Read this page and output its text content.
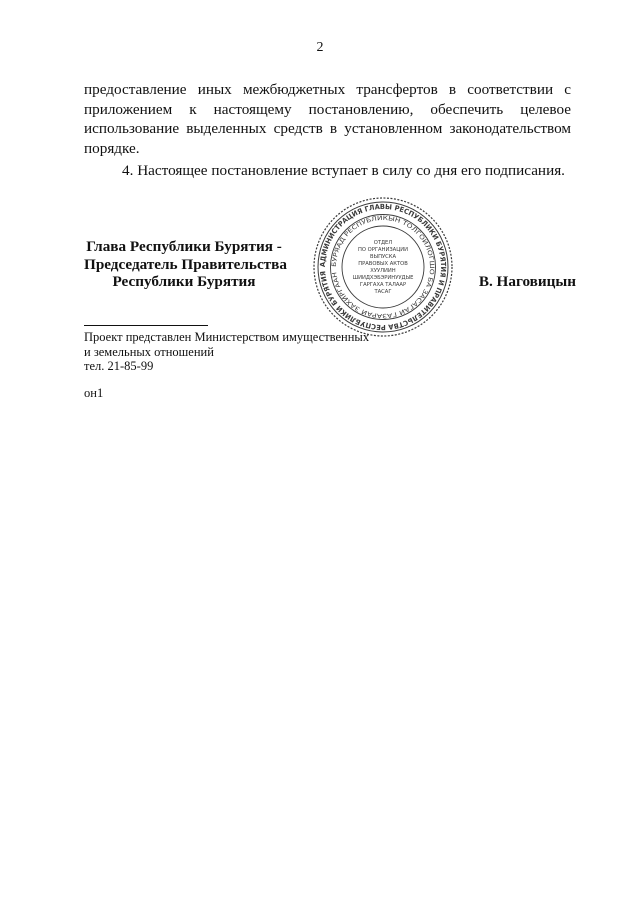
2

предоставление иных межбюджетных трансфертов в соответствии с приложением к настоящему постановлению, обеспечить целевое использование выделенных средств в установленном законодательством порядке.

4. Настоящее постановление вступает в силу со дня его подписания.

Глава Республики Бурятия -
Председатель Правительства
Республики Бурятия
АДМИНИСТРАЦИЯ ГЛАВЫ РЕСПУБЛИКИ БУРЯТИЯ И ПРАВИТЕЛЬСТВА РЕСПУБЛИКИ БУРЯТИЯ
БУРЯАД РЕСПУБЛИКЫН ТОЛГОЙЛОГШО БА ЗАСАГАЙ ГАЗАРАЙ ЗАХИРГААН
ОТДЕЛ
ПО ОРГАНИЗАЦИИ
ВЫПУСКА
ПРАВОВЫХ АКТОВ
ХУУЛИИН
ШИИДХЭБЭРИНУУДЫЕ
ГАРГАХА ТАЛААР
ТАСАГ
В. Наговицын
Проект представлен Министерством имущественных
и земельных отношений
тел. 21-85-99
он1
